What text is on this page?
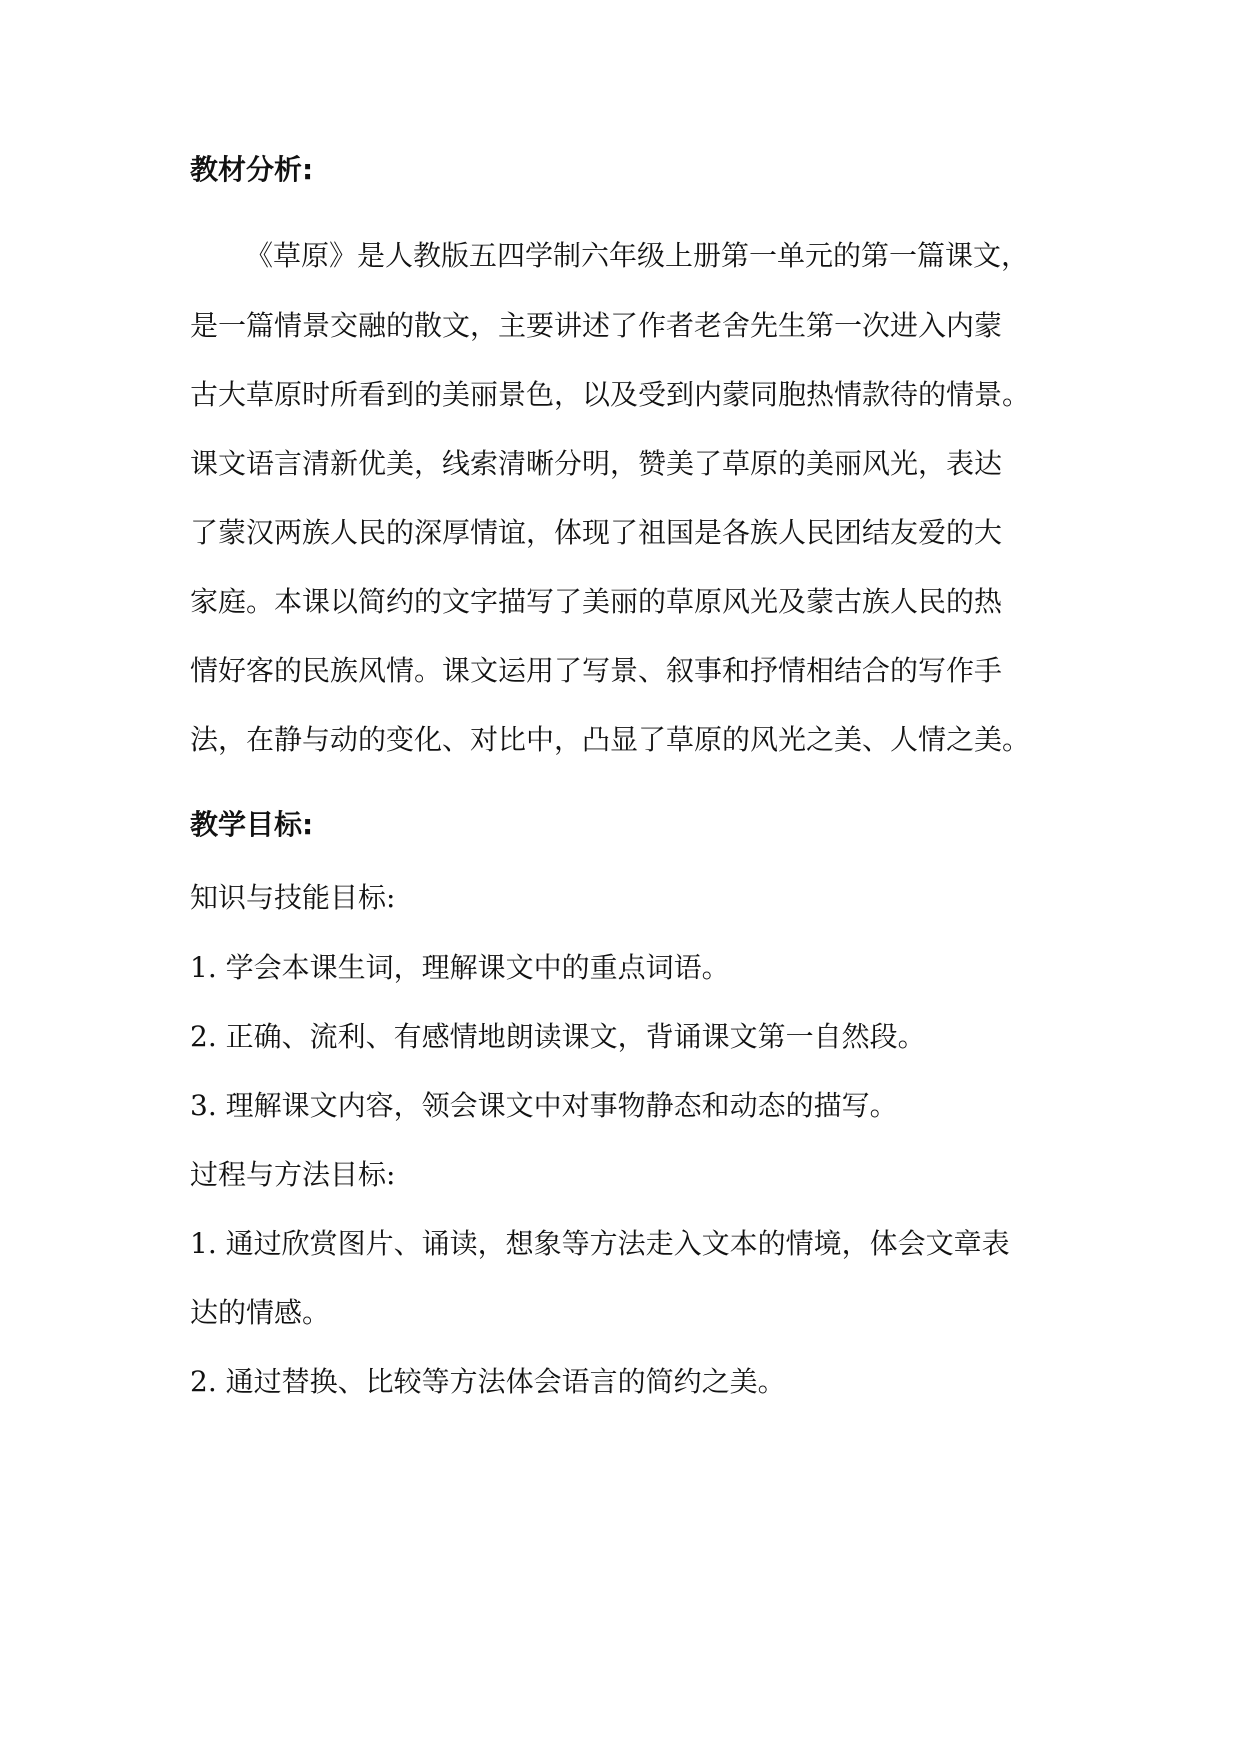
教材分析:
《草原》是人教版五四学制六年级上册第一单元的第一篇课文，
是一篇情景交融的散文，主要讲述了作者老舍先生第一次进入内蒙
古大草原时所看到的美丽景色，以及受到内蒙同胞热情款待的情景。
课文语言清新优美，线索清晰分明，赞美了草原的美丽风光，表达
了蒙汉两族人民的深厚情谊，体现了祖国是各族人民团结友爱的大
家庭。本课以简约的文字描写了美丽的草原风光及蒙古族人民的热
情好客的民族风情。课文运用了写景、叙事和抒情相结合的写作手
法，在静与动的变化、对比中，凸显了草原的风光之美、人情之美。
教学目标:
知识与技能目标:
1. 学会本课生词，理解课文中的重点词语。
2. 正确、流利、有感情地朗读课文，背诵课文第一自然段。
3. 理解课文内容，领会课文中对事物静态和动态的描写。
过程与方法目标:
1. 通过欣赏图片、诵读，想象等方法走入文本的情境，体会文章表
达的情感。
2. 通过替换、比较等方法体会语言的简约之美。
